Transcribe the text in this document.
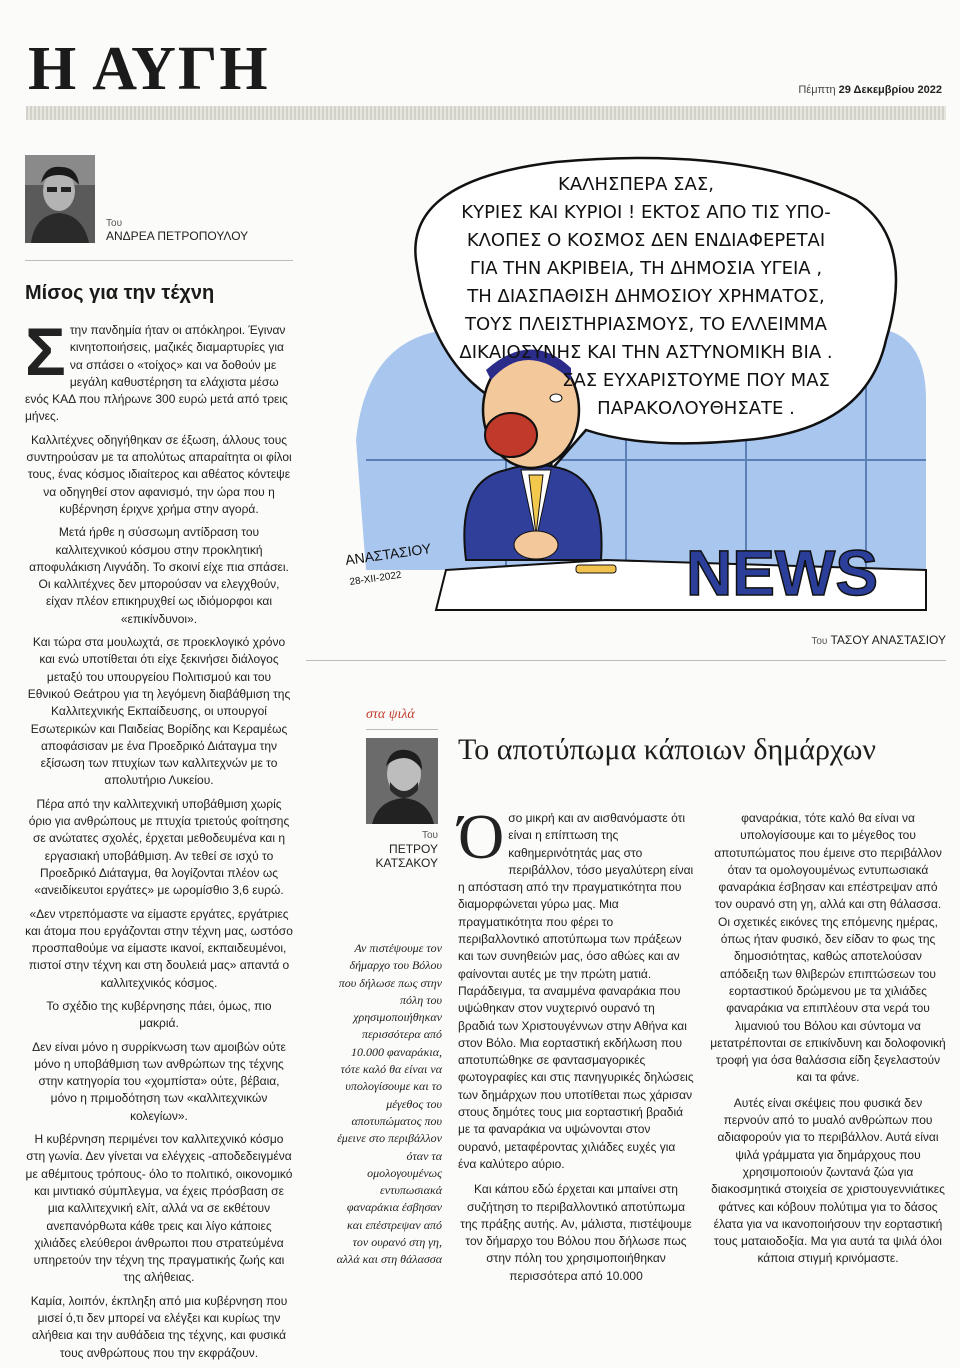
Η ΑΥΓΗ	Πέμπτη 29 Δεκεμβρίου 2022
Του
ΑΝΔΡΕΑ ΠΕΤΡΟΠΟΥΛΟΥ
Μίσος για την τέχνη

Στην πανδημία ήταν οι απόκληροι. Έγιναν κινητοποιήσεις, μαζικές διαμαρτυρίες για να σπάσει ο «τοίχος» και να δοθούν με μεγάλη καθυστέρηση τα ελάχιστα μέσω ενός ΚΑΔ που πλήρωνε 300 ευρώ μετά από τρεις μήνες.

Καλλιτέχνες οδηγήθηκαν σε έξωση, άλλους τους συντηρούσαν με τα απολύτως απαραίτητα οι φίλοι τους, ένας κόσμος ιδιαίτερος και αθέατος κόντεψε να οδηγηθεί στον αφανισμό, την ώρα που η κυβέρνηση έριχνε χρήμα στην αγορά.

Μετά ήρθε η σύσσωμη αντίδραση του καλλιτεχνικού κόσμου στην προκλητική αποφυλάκιση Λιγνάδη. Το σκοινί είχε πια σπάσει. Οι καλλιτέχνες δεν μπορούσαν να ελεγχθούν, είχαν πλέον επικηρυχθεί ως ιδιόμορφοι και «επικίνδυνοι».

Και τώρα στα μουλωχτά, σε προεκλογικό χρόνο και ενώ υποτίθεται ότι είχε ξεκινήσει διάλογος μεταξύ του υπουργείου Πολιτισμού και του Εθνικού Θεάτρου για τη λεγόμενη διαβάθμιση της Καλλιτεχνικής Εκπαίδευσης, οι υπουργοί Εσωτερικών και Παιδείας Βορίδης και Κεραμέως αποφάσισαν με ένα Προεδρικό Διάταγμα την εξίσωση των πτυχίων των καλλιτεχνών με το απολυτήριο Λυκείου.

Πέρα από την καλλιτεχνική υποβάθμιση χωρίς όριο για ανθρώπους με πτυχία τριετούς φοίτησης σε ανώτατες σχολές, έρχεται μεθοδευμένα και η εργασιακή υποβάθμιση. Αν τεθεί σε ισχύ το Προεδρικό Διάταγμα, θα λογίζονται πλέον ως «ανειδίκευτοι εργάτες» με ωρομίσθιο 3,6 ευρώ.

«Δεν ντρεπόμαστε να είμαστε εργάτες, εργάτριες και άτομα που εργάζονται στην τέχνη μας, ωστόσο προσπαθούμε να είμαστε ικανοί, εκπαιδευμένοι, πιστοί στην τέχνη και στη δουλειά μας» απαντά ο καλλιτεχνικός κόσμος.

Το σχέδιο της κυβέρνησης πάει, όμως, πιο μακριά.

Δεν είναι μόνο η συρρίκνωση των αμοιβών ούτε μόνο η υποβάθμιση των ανθρώπων της τέχνης στην κατηγορία του «χομπίστα» ούτε, βέβαια, μόνο η πριμοδότηση των «καλλιτεχνικών κολεγίων».

Η κυβέρνηση περιμένει τον καλλιτεχνικό κόσμο στη γωνία. Δεν γίνεται να ελέγχεις -αποδεδειγμένα με αθέμιτους τρόπους- όλο το πολιτικό, οικονομικό και μιντιακό σύμπλεγμα, να έχεις πρόσβαση σε μια καλλιτεχνική ελίτ, αλλά να σε εκθέτουν ανεπανόρθωτα κάθε τρεις και λίγο κάποιες χιλιάδες ελεύθεροι άνθρωποι που στρατεύμένα υπηρετούν την τέχνη της πραγματικής ζωής και της αλήθειας.

Καμία, λοιπόν, έκπληξη από μια κυβέρνηση που μισεί ό,τι δεν μπορεί να ελέγξει και κυρίως την αλήθεια και την αυθάδεια της τέχνης, και φυσικά τους ανθρώπους που την εκφράζουν.

NEWS
ΑΝΑΣΤΑΣΙΟΥ
28-ΧΙΙ-2022
ΚΑΛΗΣΠΕΡΑ ΣΑΣ,
ΚΥΡΙΕΣ ΚΑΙ ΚΥΡΙΟΙ ! ΕΚΤΟΣ ΑΠΟ ΤΙΣ ΥΠΟ-
ΚΛΟΠΕΣ Ο ΚΟΣΜΟΣ ΔΕΝ ΕΝΔΙΑΦΕΡΕΤΑΙ
ΓΙΑ ΤΗΝ ΑΚΡΙΒΕΙΑ, ΤΗ ΔΗΜΟΣΙΑ ΥΓΕΙΑ ,
ΤΗ ΔΙΑΣΠΑΘΙΣΗ ΔΗΜΟΣΙΟΥ ΧΡΗΜΑΤΟΣ,
ΤΟΥΣ ΠΛΕΙΣΤΗΡΙΑΣΜΟΥΣ, ΤΟ ΕΛΛΕΙΜΜΑ
ΔΙΚΑΙΟΣΥΝΗΣ ΚΑΙ ΤΗΝ ΑΣΤΥΝΟΜΙΚΗ ΒΙΑ .
ΣΑΣ ΕΥΧΑΡΙΣΤΟΥΜΕ ΠΟΥ ΜΑΣ
ΠΑΡΑΚΟΛΟΥΘΗΣΑΤΕ .
Του ΤΑΣΟΥ ΑΝΑΣΤΑΣΙΟΥ
στα ψιλά
Του
ΠΕΤΡΟΥ
ΚΑΤΣΑΚΟΥ
Το αποτύπωμα κάποιων δημάρχων
Αν πιστέψουμε τον δήμαρχο του Βόλου που δήλωσε πως στην πόλη του χρησιμοποιήθηκαν περισσότερα από 10.000 φαναράκια, τότε καλό θα είναι να υπολογίσουμε και το μέγεθος του αποτυπώματος που έμεινε στο περιβάλλον όταν τα ομολογουμένως εντυπωσιακά φαναράκια έσβησαν και επέστρεψαν από τον ουρανό στη γη, αλλά και στη θάλασσα

Όσο μικρή και αν αισθανόμαστε ότι είναι η επίπτωση της καθημερινότητάς μας στο περιβάλλον, τόσο μεγαλύτερη είναι η απόσταση από την πραγματικότητα που διαμορφώνεται γύρω μας. Μια πραγματικότητα που φέρει το περιβαλλοντικό αποτύπωμα των πράξεων και των συνηθειών μας, όσο αθώες και αν φαίνονται αυτές με την πρώτη ματιά. Παράδειγμα, τα αναμμένα φαναράκια που υψώθηκαν στον νυχτερινό ουρανό τη βραδιά των Χριστουγέννων στην Αθήνα και στον Βόλο. Μια εορταστική εκδήλωση που αποτυπώθηκε σε φαντασμαγορικές φωτογραφίες και στις πανηγυρικές δηλώσεις των δημάρχων που υποτίθεται πως χάρισαν στους δημότες τους μια εορταστική βραδιά με τα φαναράκια να υψώνονται στον ουρανό, μεταφέροντας χιλιάδες ευχές για ένα καλύτερο αύριο.

Και κάπου εδώ έρχεται και μπαίνει στη συζήτηση το περιβαλλοντικό αποτύπωμα της πράξης αυτής. Αν, μάλιστα, πιστέψουμε τον δήμαρχο του Βόλου που δήλωσε πως στην πόλη του χρησιμοποιήθηκαν περισσότερα από 10.000

φαναράκια, τότε καλό θα είναι να υπολογίσουμε και το μέγεθος του αποτυπώματος που έμεινε στο περιβάλλον όταν τα ομολογουμένως εντυπωσιακά φαναράκια έσβησαν και επέστρεψαν από τον ουρανό στη γη, αλλά και στη θάλασσα. Οι σχετικές εικόνες της επόμενης ημέρας, όπως ήταν φυσικό, δεν είδαν το φως της δημοσιότητας, καθώς αποτελούσαν απόδειξη των θλιβερών επιπτώσεων του εορταστικού δρώμενου με τα χιλιάδες φαναράκια να επιπλέουν στα νερά του λιμανιού του Βόλου και σύντομα να μετατρέπονται σε επικίνδυνη και δολοφονική τροφή για όσα θαλάσσια είδη ξεγελαστούν και τα φάνε.

Αυτές είναι σκέψεις που φυσικά δεν περνούν από το μυαλό ανθρώπων που αδιαφορούν για το περιβάλλον. Αυτά είναι ψιλά γράμματα για δημάρχους που χρησιμοποιούν ζωντανά ζώα για διακοσμητικά στοιχεία σε χριστουγεννιάτικες φάτνες και κόβουν πολύτιμα για το δάσος έλατα για να ικανοποιήσουν την εορταστική τους ματαιοδοξία. Μα για αυτά τα ψιλά όλοι κάποια στιγμή κρινόμαστε.
